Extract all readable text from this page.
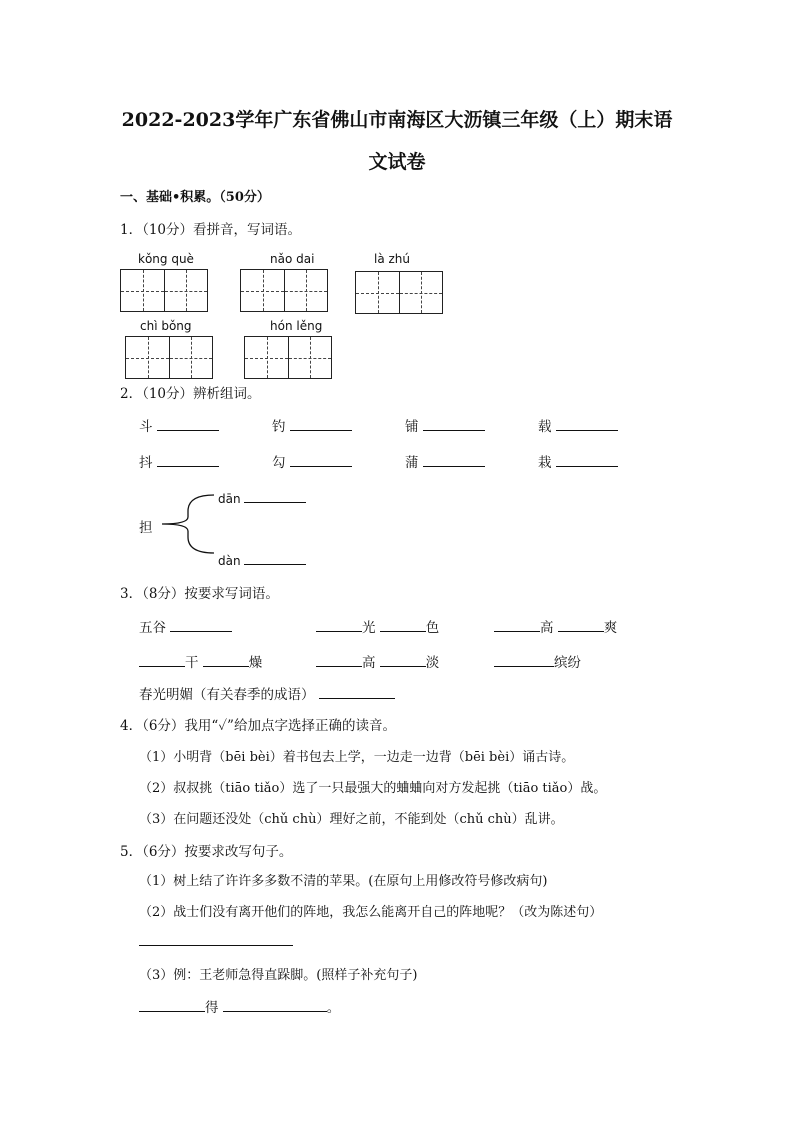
2022-2023学年广东省佛山市南海区大沥镇三年级（上）期末语
文试卷
一、基础•积累。（50分）
1．（10分）看拼音，写词语。
kǒng què	nǎo dai	là zhú
chì bǒng	hón lěng
2．（10分）辨析组词。
斗	钓	铺	载
抖	勾	蒲	栽
担
dān
dàn
3．（8分）按要求写词语。
五谷	光	色	高	爽
干	燥	高	淡	缤纷
春光明媚（有关春季的成语）
4．（6分）我用“✓”给加点字选择正确的读音。
（1）小明背（bēi bèi）着书包去上学，一边走一边背（bēi bèi）诵古诗。
（2）叔叔挑（tiāo tiǎo）选了一只最强大的蛐蛐向对方发起挑（tiāo tiǎo）战。
（3）在问题还没处（chǔ chù）理好之前，不能到处（chǔ chù）乱讲。
5．（6分）按要求改写句子。
（1）树上结了许许多多数不清的苹果。(在原句上用修改符号修改病句)
（2）战士们没有离开他们的阵地，我怎么能离开自己的阵地呢？（改为陈述句）
（3）例：王老师急得直跺脚。(照样子补充句子)
得	。
